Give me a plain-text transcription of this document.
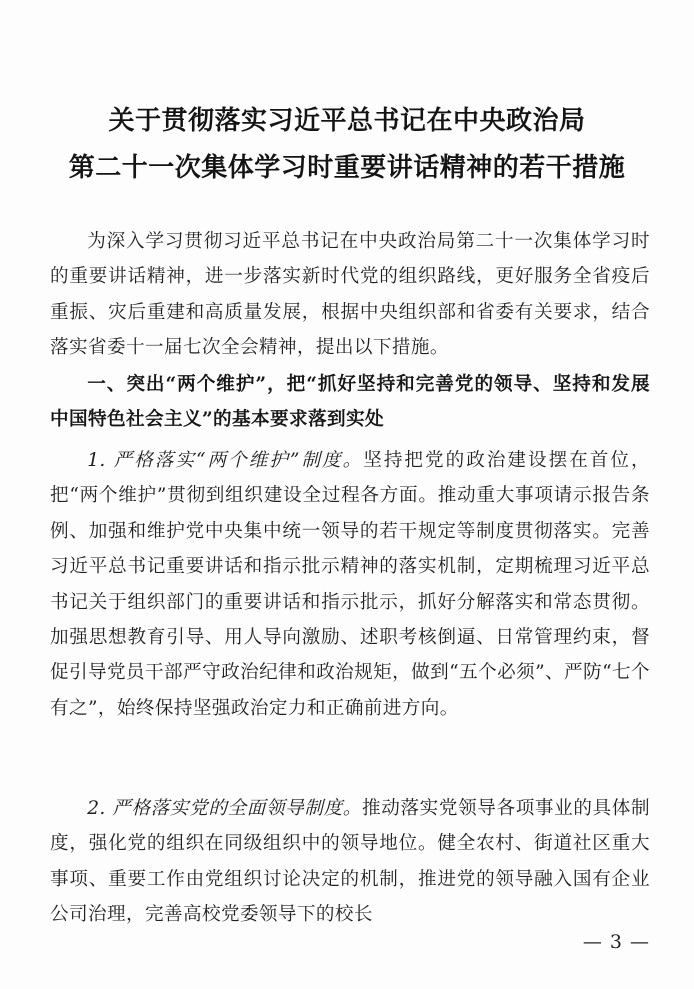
关于贯彻落实习近平总书记在中央政治局
第二十一次集体学习时重要讲话精神的若干措施

为深入学习贯彻习近平总书记在中央政治局第二十一次集体学习时的重要讲话精神，进一步落实新时代党的组织路线，更好服务全省疫后重振、灾后重建和高质量发展，根据中央组织部和省委有关要求，结合落实省委十一届七次全会精神，提出以下措施。

一、突出“两个维护”，把“抓好坚持和完善党的领导、坚持和发展中国特色社会主义”的基本要求落到实处

1. 严格落实“两个维护”制度。坚持把党的政治建设摆在首位，把“两个维护”贯彻到组织建设全过程各方面。推动重大事项请示报告条例、加强和维护党中央集中统一领导的若干规定等制度贯彻落实。完善习近平总书记重要讲话和指示批示精神的落实机制，定期梳理习近平总书记关于组织部门的重要讲话和指示批示，抓好分解落实和常态贯彻。加强思想教育引导、用人导向激励、述职考核倒逼、日常管理约束，督促引导党员干部严守政治纪律和政治规矩，做到“五个必须”、严防“七个有之”，始终保持坚强政治定力和正确前进方向。

2. 严格落实党的全面领导制度。推动落实党领导各项事业的具体制度，强化党的组织在同级组织中的领导地位。健全农村、街道社区重大事项、重要工作由党组织讨论决定的机制，推进党的领导融入国有企业公司治理，完善高校党委领导下的校长

— 3 —
